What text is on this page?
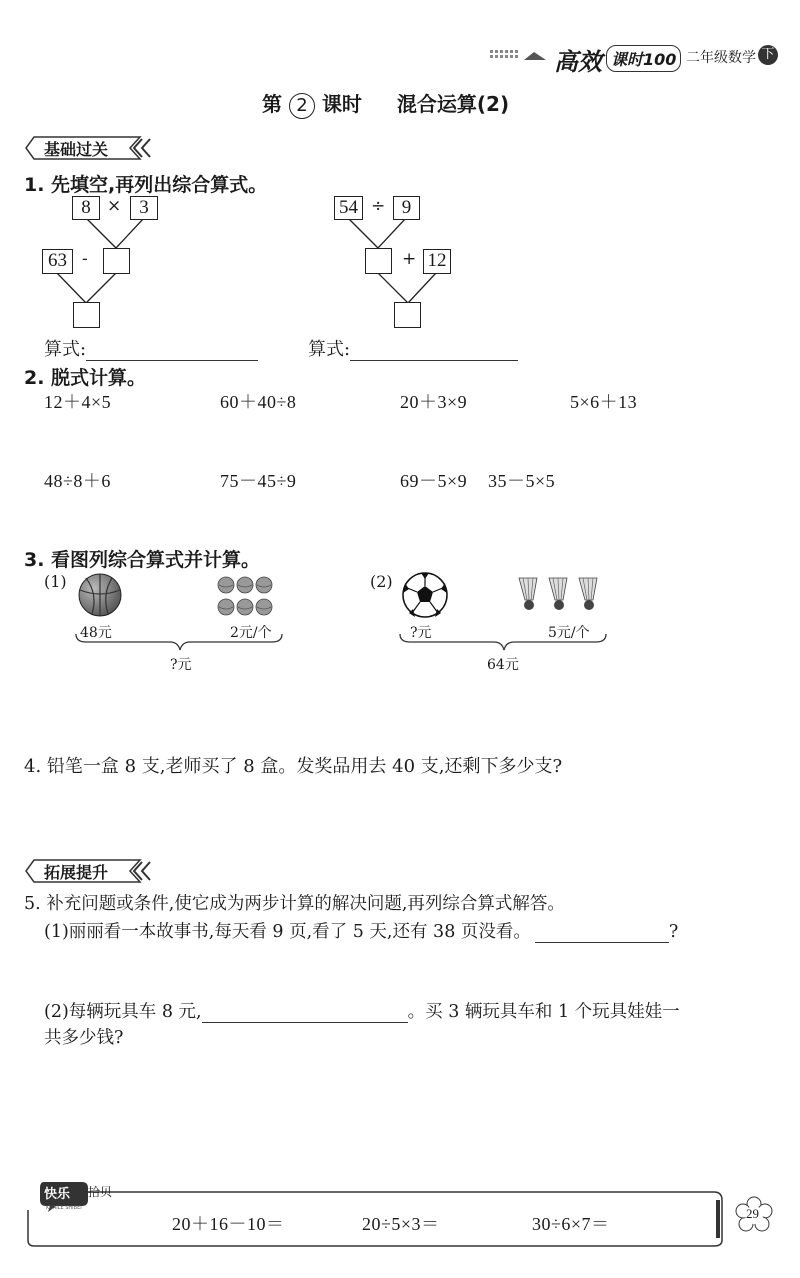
高效 课时100 二年级数学 下
第 2 课时 混合运算(2)
基础过关
1. 先填空,再列出综合算式。
8 × 3
63 -
54 ÷ 9
+ 12
算式:	算式:
2. 脱式计算。
12＋4×5	60＋40÷8	20＋3×9	5×6＋13
48÷8＋6	75－45÷9	69－5×9 35－5×5
3. 看图列综合算式并计算。
(1)
48元	2元/个
?元
(2)
?元	5元/个
64元
4. 铅笔一盒 8 支,老师买了 8 盒。发奖品用去 40 支,还剩下多少支?
拓展提升
5. 补充问题或条件,使它成为两步计算的解决问题,再列综合算式解答。
(1)丽丽看一本故事书,每天看 9 页,看了 5 天,还有 38 页没看。	?
(2)每辆玩具车 8 元,	。买 3 辆玩具车和 1 个玩具娃娃一
共多少钱?
快乐 拾贝
KUAILE SHIBEI
20＋16－10＝	20÷5×3＝	30÷6×7＝
29
